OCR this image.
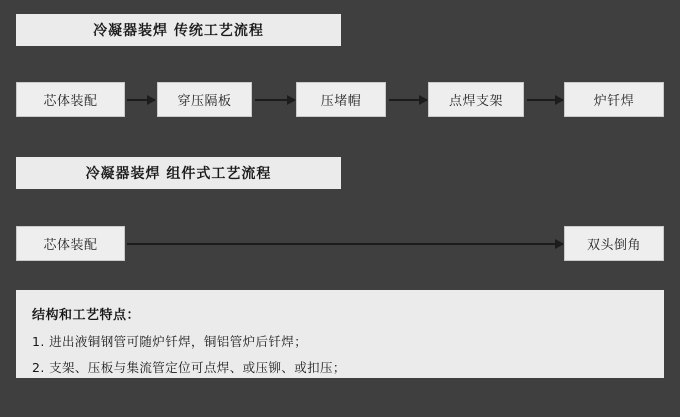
冷凝器装焊 传统工艺流程
芯体装配	穿压隔板	压堵帽	点焊支架	炉钎焊
冷凝器装焊 组件式工艺流程
芯体装配	双头倒角
结构和工艺特点：
1. 进出液铜钢管可随炉钎焊，铜铝管炉后钎焊；
2. 支架、压板与集流管定位可点焊、或压铆、或扣压；
